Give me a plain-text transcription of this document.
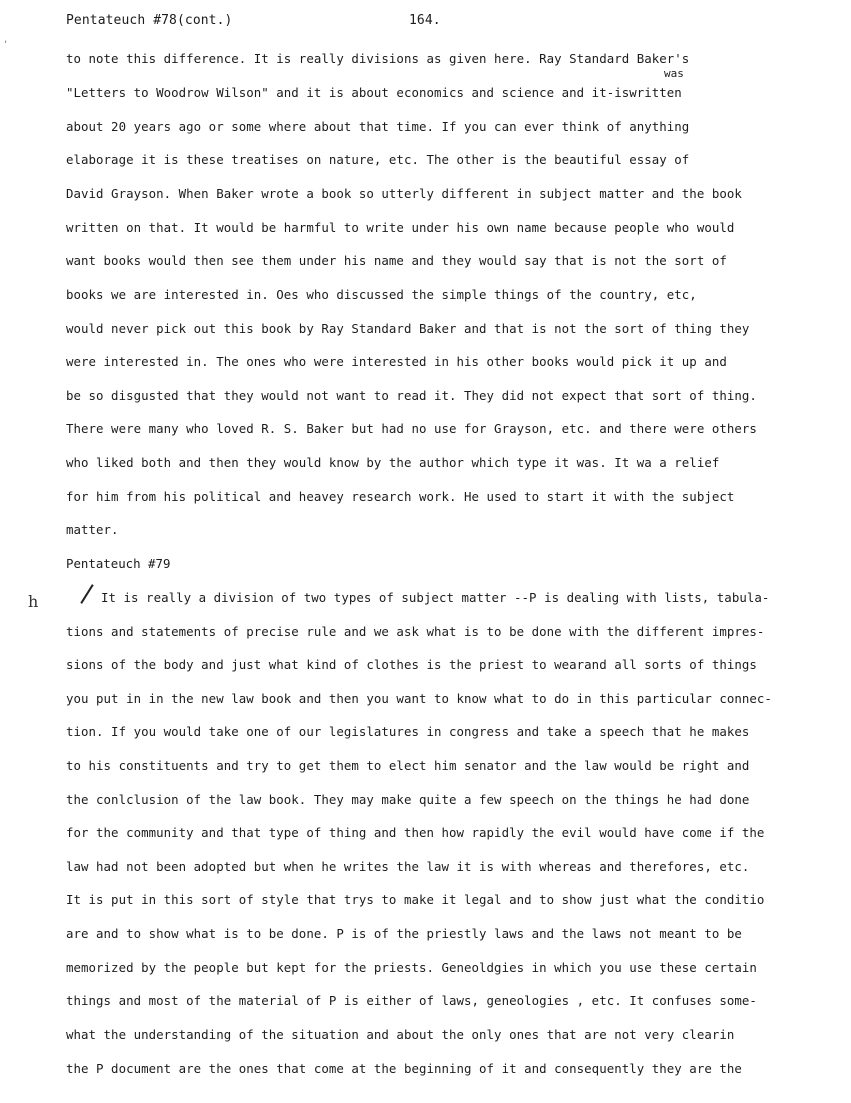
'
Pentateuch #78(cont.)	164.
was
to note this difference. It is really divisions as given here. Ray Standard Baker's
"Letters to Woodrow Wilson" and it is about economics and science and it-iswritten
about 20 years ago or some where about that time. If you can ever think of anything
elaborage it is these treatises on nature, etc. The other is the beautiful essay of
David Grayson. When Baker wrote a book so utterly different in subject matter and the book
written on that. It would be harmful to write under his own name because people who would
want books would then see them under his name and they would say that is not the sort of
books we are interested in. Oes who discussed the simple things of the country, etc,
would never pick out this book by Ray Standard Baker and that is not the sort of thing they
were interested in. The ones who were interested in his other books would pick it up and
be so disgusted that they would not want to read it. They did not expect that sort of thing.
There were many who loved R. S. Baker but had no use for Grayson, etc. and there were others
who liked both and then they would know by the author which type it was. It wa a relief
for him from his political and heavey research work. He used to start it with the subject
matter.
Pentateuch #79
h	It is really a division of two types of subject matter --P is dealing with lists, tabula-
tions and statements of precise rule and we ask what is to be done with the different impres-
sions of the body and just what kind of clothes is the priest to wearand all sorts of things
you put in in the new law book and then you want to know what to do in this particular connec-
tion. If you would take one of our legislatures in congress and take a speech that he makes
to his constituents and try to get them to elect him senator and the law would be right and
the conlclusion of the law book. They may make quite a few speech on the things he had done
for the community and that type of thing and then how rapidly the evil would have come if the
law had not been adopted but when he writes the law it is with whereas and therefores, etc.
It is put in this sort of style that trys to make it legal and to show just what the conditio
are and to show what is to be done. P is of the priestly laws and the laws not meant to be
memorized by the people but kept for the priests. Geneoldgies in which you use these certain
things and most of the material of P is either of laws, geneologies , etc. It confuses some-
what the understanding of the situation and about the only ones that are not very clearin
the P document are the ones that come at the beginning of it and consequently they are the
